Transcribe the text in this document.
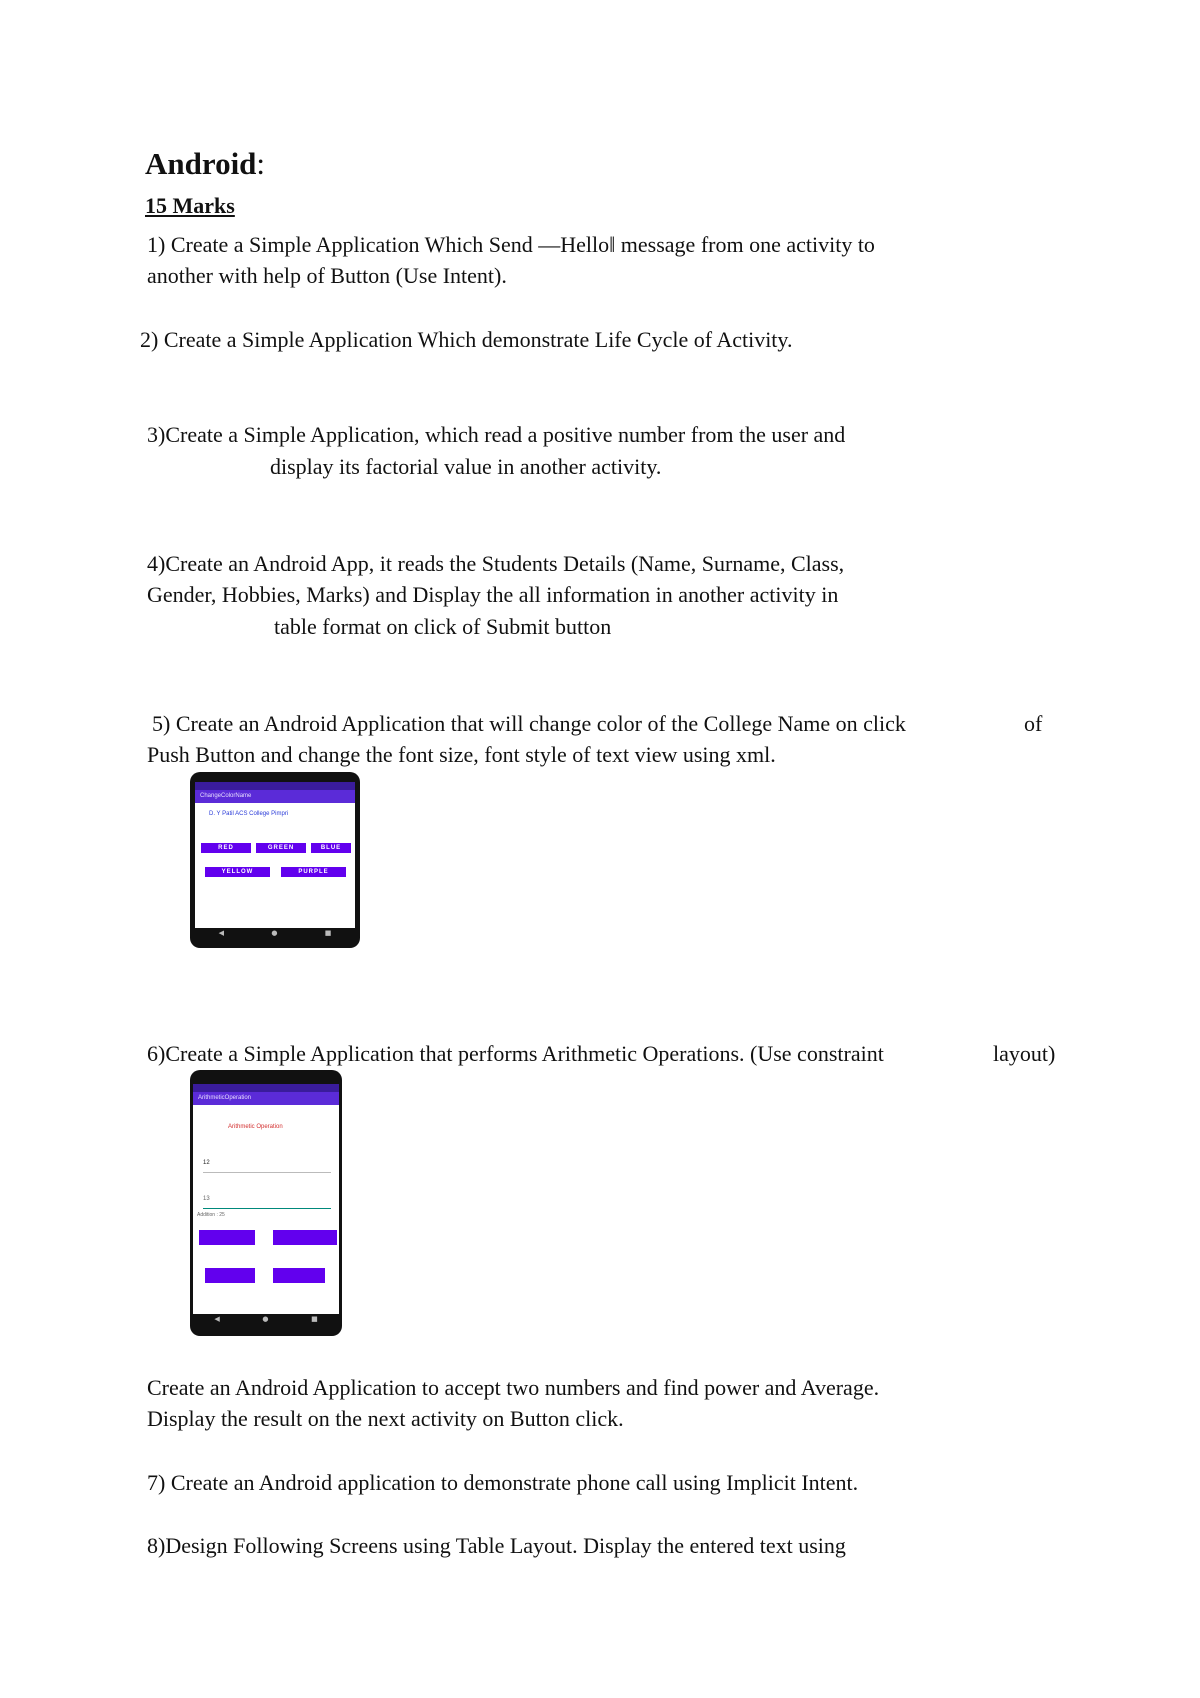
Android:
15 Marks
1) Create a Simple Application Which Send —Hello‖ message from one activity to
another with help of Button (Use Intent).
2) Create a Simple Application Which demonstrate Life Cycle of Activity.
3)Create a Simple Application, which read a positive number from the user and
display its factorial value in another activity.
4)Create an Android App, it reads the Students Details (Name, Surname, Class,
Gender, Hobbies, Marks) and Display the all information in another activity in
table format on click of Submit button
5) Create an Android Application that will change color of the College Name on click	of
Push Button and change the font size, font style of text view using xml.
ChangeColorName
D. Y Patil ACS College Pimpri
RED	GREEN	BLUE
YELLOW	PURPLE
◀	●	■
6)Create a Simple Application that performs Arithmetic Operations. (Use constraint	layout)
ArithmeticOperation
Arithmetic Operation
12
13
Addition : 25
◀	●	■
Create an Android Application to accept two numbers and find power and Average.
Display the result on the next activity on Button click.
7) Create an Android application to demonstrate phone call using Implicit Intent.
8)Design Following Screens using Table Layout. Display the entered text using
